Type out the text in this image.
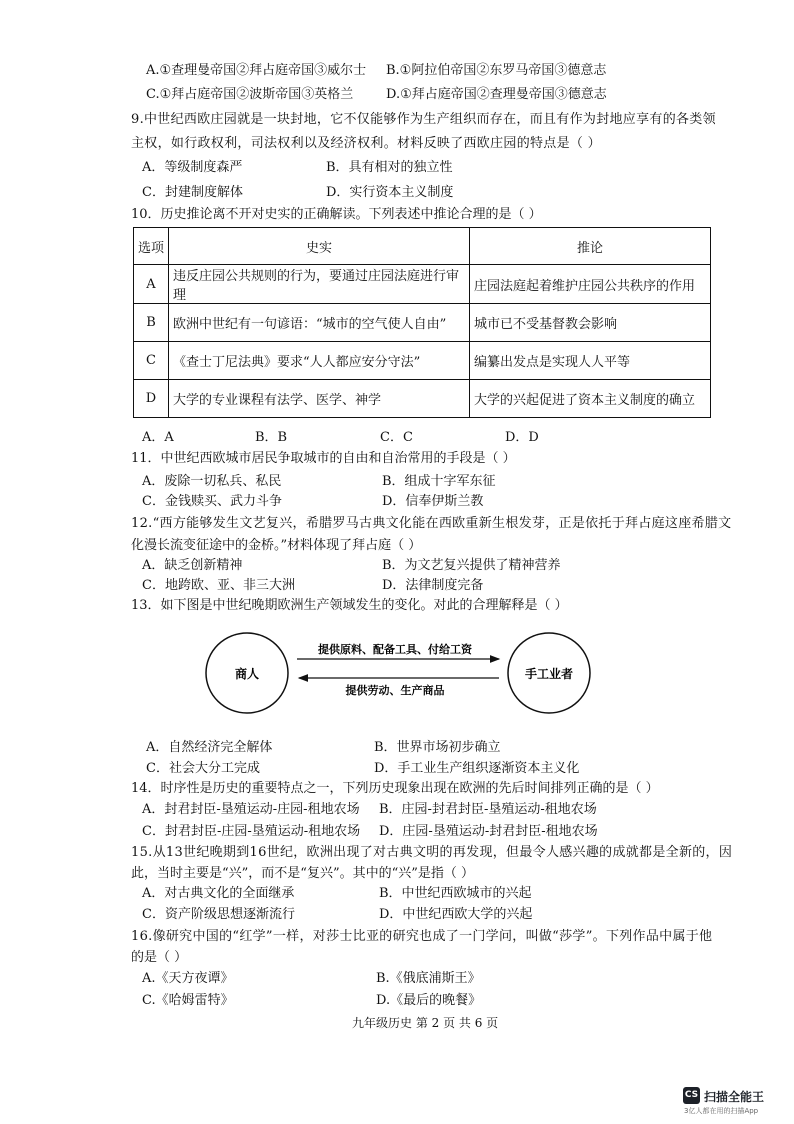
A.①查理曼帝国②拜占庭帝国③威尔士 B.①阿拉伯帝国②东罗马帝国③德意志
C.①拜占庭帝国②波斯帝国③英格兰	D.①拜占庭帝国②查理曼帝国③德意志
9.中世纪西欧庄园就是一块封地，它不仅能够作为生产组织而存在，而且有作为封地应享有的各类领
主权，如行政权利，司法权利以及经济权利。材料反映了西欧庄园的特点是（ ）
A．等级制度森严	B．具有相对的独立性
C．封建制度解体	D．实行资本主义制度
10．历史推论离不开对史实的正确解读。下列表述中推论合理的是（ ）
选项	史实	推论
A	违反庄园公共规则的行为，要通过庄园法庭进行审理	庄园法庭起着维护庄园公共秩序的作用
B	欧洲中世纪有一句谚语：“城市的空气使人自由”	城市已不受基督教会影响
C	《查士丁尼法典》要求“人人都应安分守法”	编纂出发点是实现人人平等
D	大学的专业课程有法学、医学、神学	大学的兴起促进了资本主义制度的确立
A．A	B．B	C．C	D．D
11．中世纪西欧城市居民争取城市的自由和自治常用的手段是（ ）
A．废除一切私兵、私民	B．组成十字军东征
C．金钱赎买、武力斗争	D．信奉伊斯兰教
12.“西方能够发生文艺复兴，希腊罗马古典文化能在西欧重新生根发芽，正是依托于拜占庭这座希腊文
化漫长流变征途中的金桥。”材料体现了拜占庭（ ）
A．缺乏创新精神	B．为文艺复兴提供了精神营养
C．地跨欧、亚、非三大洲	D．法律制度完备
13．如下图是中世纪晚期欧洲生产领域发生的变化。对此的合理解释是（ ）
商人	手工业者
提供原料、配备工具、付给工资
提供劳动、生产商品
A．自然经济完全解体	B．世界市场初步确立
C．社会大分工完成	D．手工业生产组织逐渐资本主义化
14．时序性是历史的重要特点之一，下列历史现象出现在欧洲的先后时间排列正确的是（ ）
A．封君封臣-垦殖运动-庄园-租地农场 B．庄园-封君封臣-垦殖运动-租地农场
C．封君封臣-庄园-垦殖运动-租地农场 D．庄园-垦殖运动-封君封臣-租地农场
15.从13世纪晚期到16世纪，欧洲出现了对古典文明的再发现，但最令人感兴趣的成就都是全新的，因
此，当时主要是“兴”，而不是“复兴”。其中的“兴”是指（ ）
A．对古典文化的全面继承	B．中世纪西欧城市的兴起
C．资产阶级思想逐渐流行	D．中世纪西欧大学的兴起
16.像研究中国的“红学”一样，对莎士比亚的研究也成了一门学问，叫做“莎学”。下列作品中属于他
的是（ ）
A.《天方夜谭》	B.《俄底浦斯王》
C.《哈姆雷特》	D.《最后的晚餐》
九年级历史 第 2 页 共 6 页
CS 扫描全能王
3亿人都在用的扫描App
